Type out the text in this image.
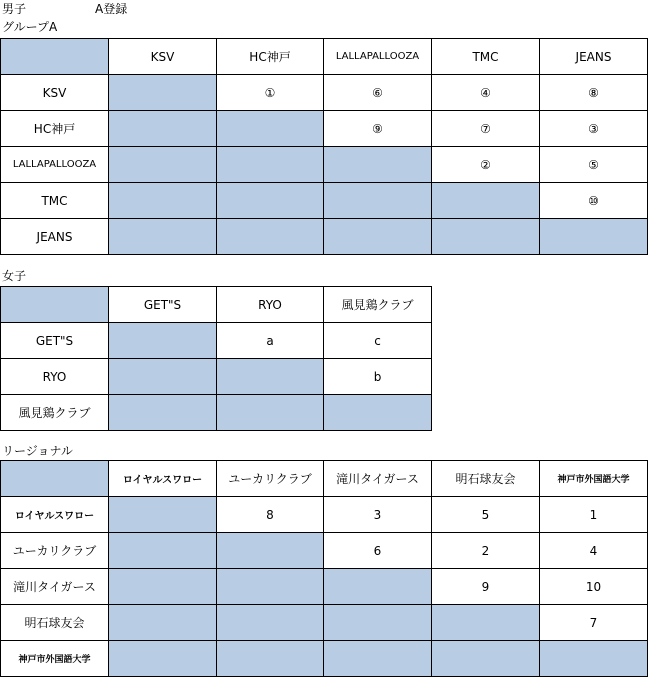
男子	A登録
グループA
	KSV	HC神戸	LALLAPALLOOZA	TMC	JEANS
KSV		①	⑥	④	⑧
HC神戸			⑨	⑦	③
LALLAPALLOOZA				②	⑤
TMC					⑩
JEANS					
女子
	GET"S	RYO	風見鶏クラブ
GET"S		a	c
RYO			b
風見鶏クラブ			
リージョナル
	ロイヤルスワロー	ユーカリクラブ	滝川タイガース	明石球友会	神戸市外国語大学
ロイヤルスワロー		8	3	5	1
ユーカリクラブ			6	2	4
滝川タイガース				9	10
明石球友会					7
神戸市外国語大学					
